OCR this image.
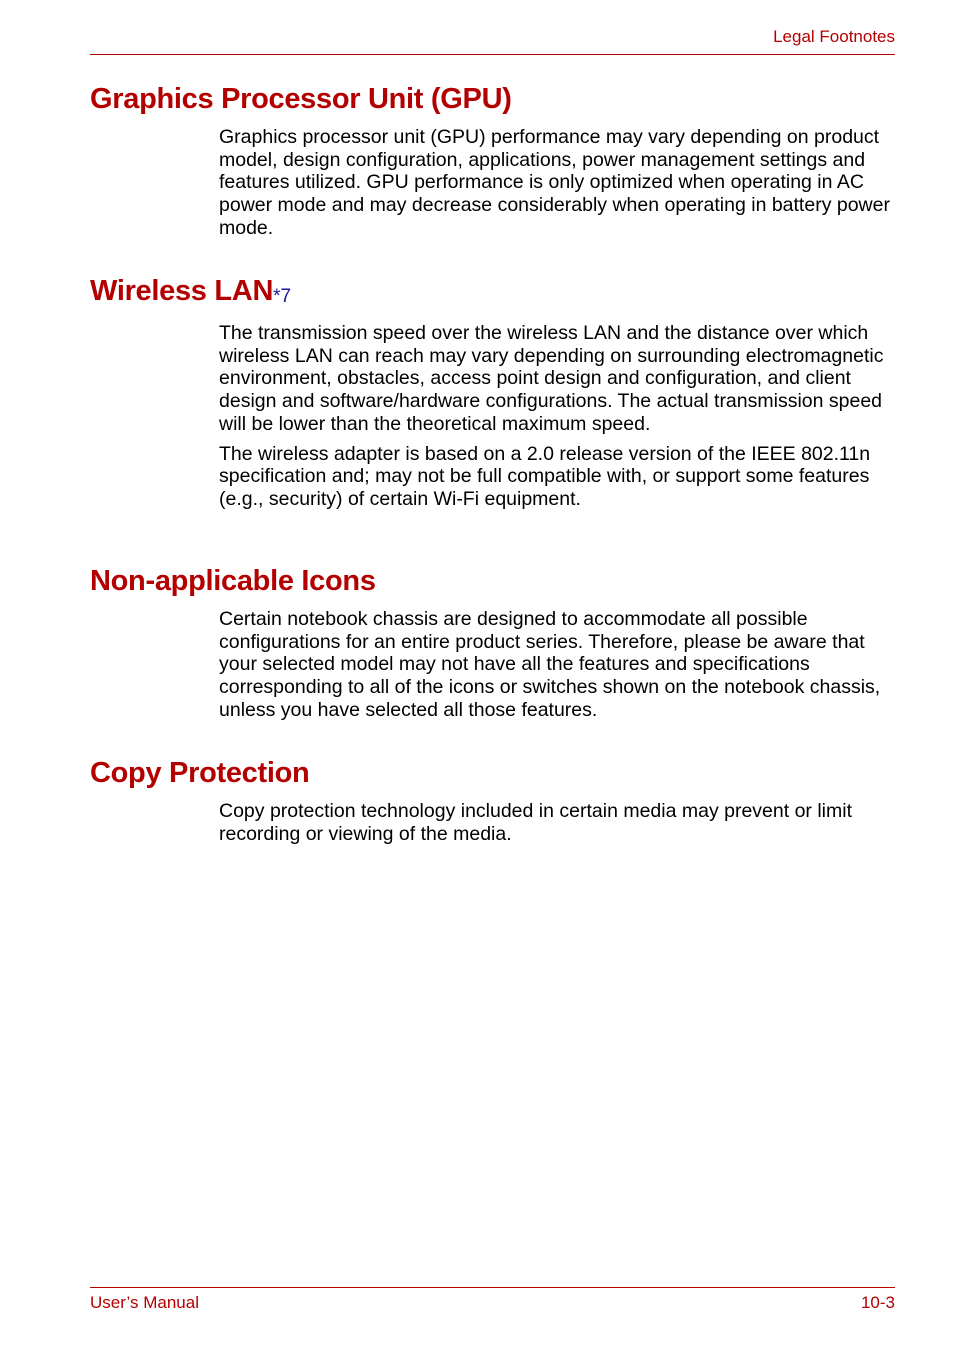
Legal Footnotes
Graphics Processor Unit (GPU)

Graphics processor unit (GPU) performance may vary depending on product model, design configuration, applications, power management settings and features utilized. GPU performance is only optimized when operating in AC power mode and may decrease considerably when operating in battery power mode.

Wireless LAN*7

The transmission speed over the wireless LAN and the distance over which wireless LAN can reach may vary depending on surrounding electromagnetic environment, obstacles, access point design and configuration, and client design and software/hardware configurations. The actual transmission speed will be lower than the theoretical maximum speed.

The wireless adapter is based on a 2.0 release version of the IEEE 802.11n specification and; may not be full compatible with, or support some features (e.g., security) of certain Wi-Fi equipment.

Non-applicable Icons

Certain notebook chassis are designed to accommodate all possible configurations for an entire product series. Therefore, please be aware that your selected model may not have all the features and specifications corresponding to all of the icons or switches shown on the notebook chassis, unless you have selected all those features.

Copy Protection

Copy protection technology included in certain media may prevent or limit recording or viewing of the media.

User’s Manual	10-3
